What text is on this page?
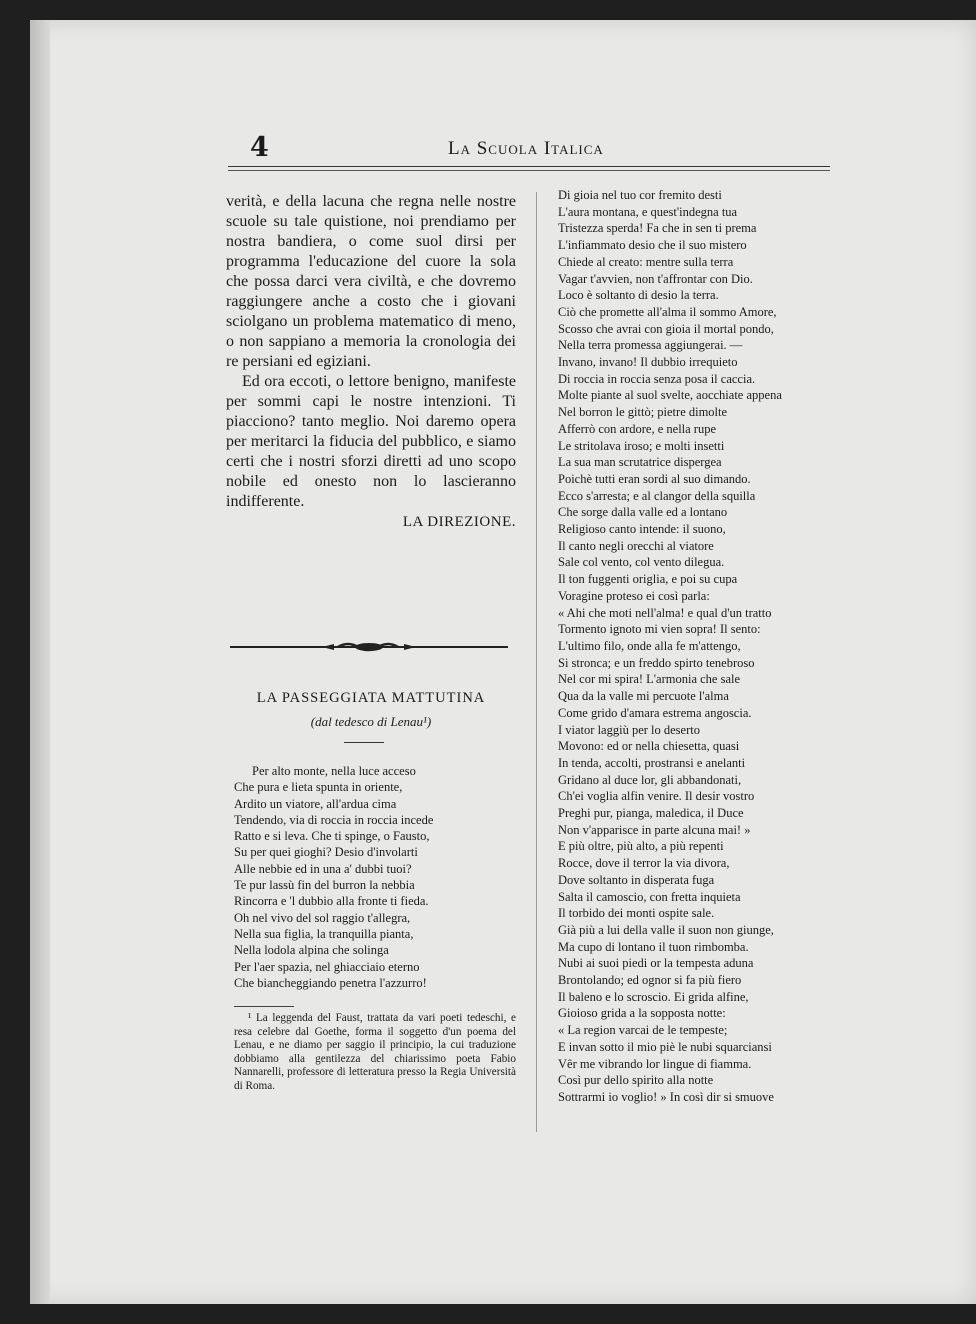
4	La Scuola Italica

verità, e della lacuna che regna nelle nostre scuole su tale quistione, noi prendiamo per nostra bandiera, o come suol dirsi per programma l'educazione del cuore la sola che possa darci vera civiltà, e che dovremo raggiungere anche a costo che i giovani sciolgano un problema matematico di meno, o non sappiano a memoria la cronologia dei re persiani ed egiziani.

Ed ora eccoti, o lettore benigno, manifeste per sommi capi le nostre intenzioni. Ti piacciono? tanto meglio. Noi daremo opera per meritarci la fiducia del pubblico, e siamo certi che i nostri sforzi diretti ad uno scopo nobile ed onesto non lo lascieranno indifferente.

LA DIREZIONE.
LA PASSEGGIATA MATTUTINA
(dal tedesco di Lenau¹)
Per alto monte, nella luce acceso
Che pura e lieta spunta in oriente,
Ardito un viatore, all'ardua cima
Tendendo, via di roccia in roccia incede
Ratto e si leva. Che ti spinge, o Fausto,
Su per quei gioghi? Desio d'involarti
Alle nebbie ed in una a' dubbi tuoi?
Te pur lassù fin del burron la nebbia
Rincorra e 'l dubbio alla fronte ti fieda.
Oh nel vivo del sol raggio t'allegra,
Nella sua figlia, la tranquilla pianta,
Nella lodola alpina che solinga
Per l'aer spazia, nel ghiacciaio eterno
Che biancheggiando penetra l'azzurro!
¹ La leggenda del Faust, trattata da vari poeti tedeschi, e resa celebre dal Goethe, forma il soggetto d'un poema del Lenau, e ne diamo per saggio il principio, la cui traduzione dobbiamo alla gentilezza del chiarissimo poeta Fabio Nannarelli, professore di letteratura presso la Regia Università di Roma.
Di gioia nel tuo cor fremito desti
L'aura montana, e quest'indegna tua
Tristezza sperda! Fa che in sen ti prema
L'infiammato desio che il suo mistero
Chiede al creato: mentre sulla terra
Vagar t'avvien, non t'affrontar con Dio.
Loco è soltanto di desio la terra.
Ciò che promette all'alma il sommo Amore,
Scosso che avrai con gioia il mortal pondo,
Nella terra promessa aggiungerai. —
Invano, invano! Il dubbio irrequieto
Di roccia in roccia senza posa il caccia.
Molte piante al suol svelte, aocchiate appena
Nel borron le gittò; pietre dimolte
Afferrò con ardore, e nella rupe
Le stritolava iroso; e molti insetti
La sua man scrutatrice dispergea
Poichè tutti eran sordi al suo dimando.
Ecco s'arresta; e al clangor della squilla
Che sorge dalla valle ed a lontano
Religioso canto intende: il suono,
Il canto negli orecchi al viatore
Sale col vento, col vento dilegua.
Il ton fuggenti origlia, e poi su cupa
Voragine proteso ei così parla:
« Ahi che moti nell'alma! e qual d'un tratto
Tormento ignoto mi vien sopra! Il sento:
L'ultimo filo, onde alla fe m'attengo,
Si stronca; e un freddo spirto tenebroso
Nel cor mi spira! L'armonia che sale
Qua da la valle mi percuote l'alma
Come grido d'amara estrema angoscia.
I viator laggiù per lo deserto
Movono: ed or nella chiesetta, quasi
In tenda, accolti, prostransi e anelanti
Gridano al duce lor, gli abbandonati,
Ch'ei voglia alfin venire. Il desir vostro
Preghi pur, pianga, maledica, il Duce
Non v'apparisce in parte alcuna mai! »
E più oltre, più alto, a più repenti
Rocce, dove il terror la via divora,
Dove soltanto in disperata fuga
Salta il camoscio, con fretta inquieta
Il torbido dei monti ospite sale.
Già più a lui della valle il suon non giunge,
Ma cupo di lontano il tuon rimbomba.
Nubi ai suoi piedi or la tempesta aduna
Brontolando; ed ognor si fa più fiero
Il baleno e lo scroscio. Ei grida alfine,
Gioioso grida a la sopposta notte:
« La region varcai de le tempeste;
E invan sotto il mio piè le nubi squarciansi
Vêr me vibrando lor lingue di fiamma.
Così pur dello spirito alla notte
Sottrarmi io voglio! » In così dir si smuove
